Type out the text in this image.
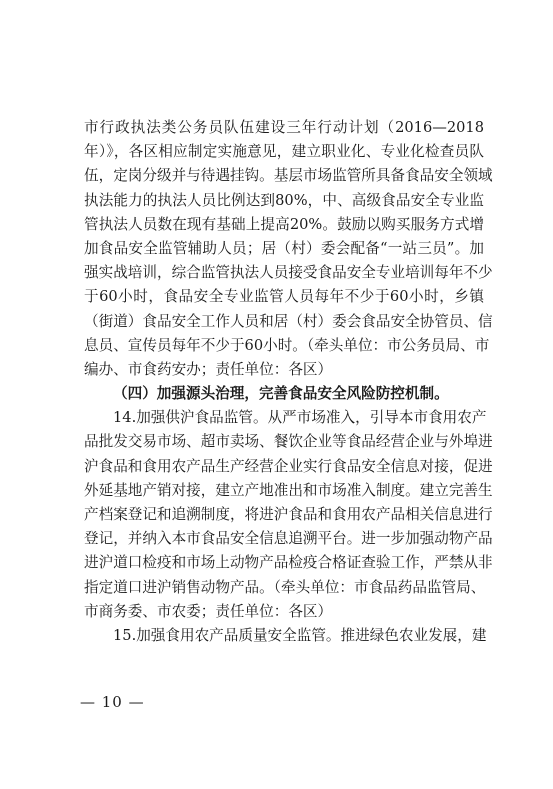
市行政执法类公务员队伍建设三年行动计划（2016—2018
年）》，各区相应制定实施意见，建立职业化、专业化检查员队
伍，定岗分级并与待遇挂钩。基层市场监管所具备食品安全领域
执法能力的执法人员比例达到80%，中、高级食品安全专业监
管执法人员数在现有基础上提高20%。鼓励以购买服务方式增
加食品安全监管辅助人员；居（村）委会配备“一站三员”。加
强实战培训，综合监管执法人员接受食品安全专业培训每年不少
于60小时，食品安全专业监管人员每年不少于60小时，乡镇
（街道）食品安全工作人员和居（村）委会食品安全协管员、信
息员、宣传员每年不少于60小时。（牵头单位：市公务员局、市
编办、市食药安办；责任单位：各区）
（四）加强源头治理，完善食品安全风险防控机制。
14.加强供沪食品监管。从严市场准入，引导本市食用农产
品批发交易市场、超市卖场、餐饮企业等食品经营企业与外埠进
沪食品和食用农产品生产经营企业实行食品安全信息对接，促进
外延基地产销对接，建立产地准出和市场准入制度。建立完善生
产档案登记和追溯制度，将进沪食品和食用农产品相关信息进行
登记，并纳入本市食品安全信息追溯平台。进一步加强动物产品
进沪道口检疫和市场上动物产品检疫合格证查验工作，严禁从非
指定道口进沪销售动物产品。（牵头单位：市食品药品监管局、
市商务委、市农委；责任单位：各区）
15.加强食用农产品质量安全监管。推进绿色农业发展，建
— 10 —
